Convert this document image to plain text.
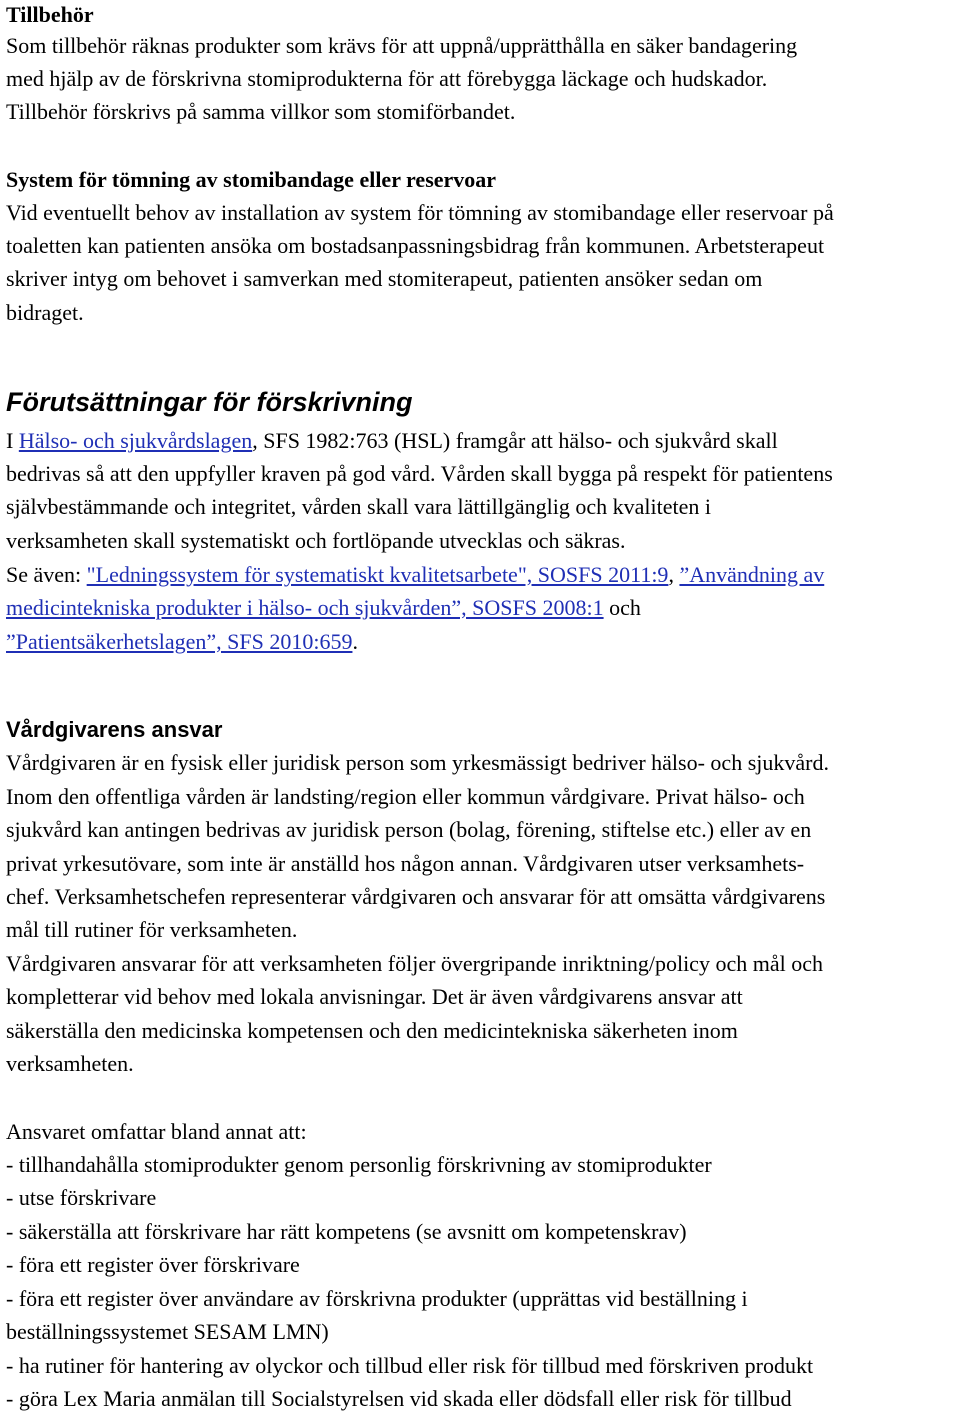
Tillbehör
Som tillbehör räknas produkter som krävs för att uppnå/upprätthålla en säker bandagering
med hjälp av de förskrivna stomiprodukterna för att förebygga läckage och hudskador.
Tillbehör förskrivs på samma villkor som stomiförbandet.
System för tömning av stomibandage eller reservoar
Vid eventuellt behov av installation av system för tömning av stomibandage eller reservoar på
toaletten kan patienten ansöka om bostadsanpassningsbidrag från kommunen. Arbetsterapeut
skriver intyg om behovet i samverkan med stomiterapeut, patienten ansöker sedan om
bidraget.
Förutsättningar för förskrivning
I Hälso- och sjukvårdslagen, SFS 1982:763 (HSL) framgår att hälso- och sjukvård skall
bedrivas så att den uppfyller kraven på god vård. Vården skall bygga på respekt för patientens
självbestämmande och integritet, vården skall vara lättillgänglig och kvaliteten i
verksamheten skall systematiskt och fortlöpande utvecklas och säkras.
Se även: "Ledningssystem för systematiskt kvalitetsarbete", SOSFS 2011:9, ”Användning av
medicintekniska produkter i hälso- och sjukvården”, SOSFS 2008:1 och
”Patientsäkerhetslagen”, SFS 2010:659.
Vårdgivarens ansvar
Vårdgivaren är en fysisk eller juridisk person som yrkesmässigt bedriver hälso- och sjukvård.
Inom den offentliga vården är landsting/region eller kommun vårdgivare. Privat hälso- och
sjukvård kan antingen bedrivas av juridisk person (bolag, förening, stiftelse etc.) eller av en
privat yrkesutövare, som inte är anställd hos någon annan. Vårdgivaren utser verksamhets-
chef. Verksamhetschefen representerar vårdgivaren och ansvarar för att omsätta vårdgivarens
mål till rutiner för verksamheten.
Vårdgivaren ansvarar för att verksamheten följer övergripande inriktning/policy och mål och
kompletterar vid behov med lokala anvisningar. Det är även vårdgivarens ansvar att
säkerställa den medicinska kompetensen och den medicintekniska säkerheten inom
verksamheten.
Ansvaret omfattar bland annat att:
- tillhandahålla stomiprodukter genom personlig förskrivning av stomiprodukter
- utse förskrivare
- säkerställa att förskrivare har rätt kompetens (se avsnitt om kompetenskrav)
- föra ett register över förskrivare
- föra ett register över användare av förskrivna produkter (upprättas vid beställning i
beställningssystemet SESAM LMN)
- ha rutiner för hantering av olyckor och tillbud eller risk för tillbud med förskriven produkt
- göra Lex Maria anmälan till Socialstyrelsen vid skada eller dödsfall eller risk för tillbud
